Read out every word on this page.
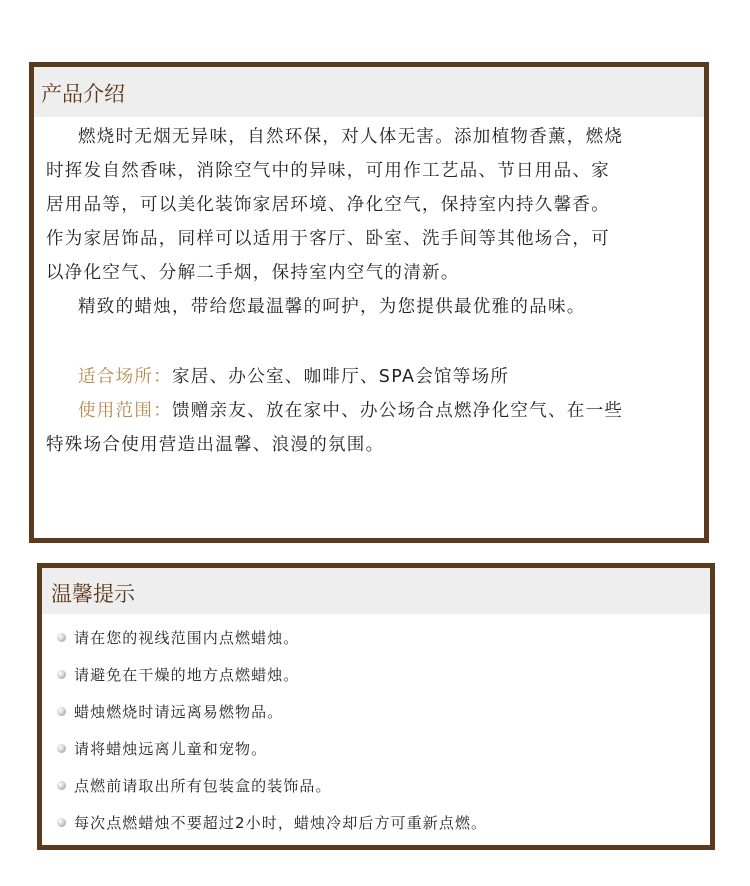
产品介绍

燃烧时无烟无异味，自然环保，对人体无害。添加植物香薰，燃烧

时挥发自然香味，消除空气中的异味，可用作工艺品、节日用品、家

居用品等，可以美化装饰家居环境、净化空气，保持室内持久馨香。

作为家居饰品，同样可以适用于客厅、卧室、洗手间等其他场合，可

以净化空气、分解二手烟，保持室内空气的清新。

精致的蜡烛，带给您最温馨的呵护，为您提供最优雅的品味。

适合场所：家居、办公室、咖啡厅、SPA会馆等场所

使用范围：馈赠亲友、放在家中、办公场合点燃净化空气、在一些

特殊场合使用营造出温馨、浪漫的氛围。

温馨提示
请在您的视线范围内点燃蜡烛。
请避免在干燥的地方点燃蜡烛。
蜡烛燃烧时请远离易燃物品。
请将蜡烛远离儿童和宠物。
点燃前请取出所有包装盒的装饰品。
每次点燃蜡烛不要超过2小时，蜡烛冷却后方可重新点燃。
